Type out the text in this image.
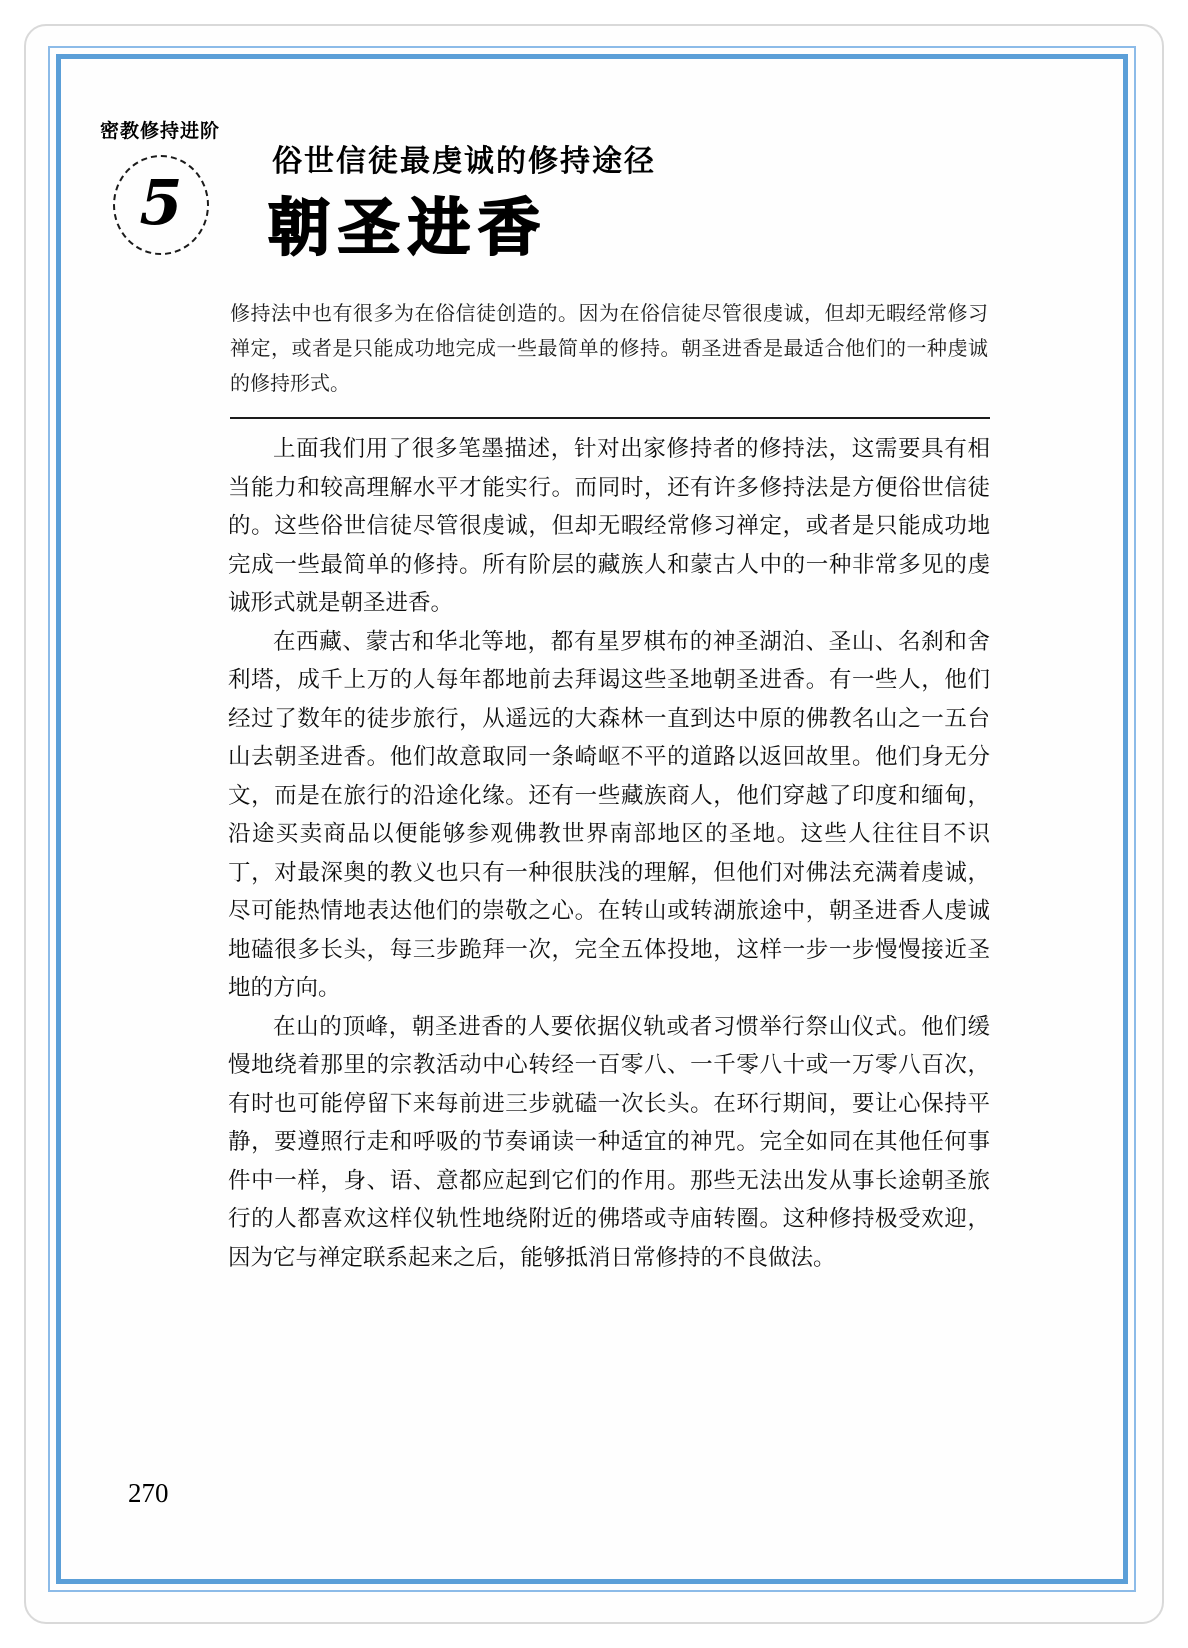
密教修持进阶
5
俗世信徒最虔诚的修持途径
朝圣进香
修持法中也有很多为在俗信徒创造的。因为在俗信徒尽管很虔诚，但却无暇经常修习禅定，或者是只能成功地完成一些最简单的修持。朝圣进香是最适合他们的一种虔诚的修持形式。

上面我们用了很多笔墨描述，针对出家修持者的修持法，这需要具有相当能力和较高理解水平才能实行。而同时，还有许多修持法是方便俗世信徒的。这些俗世信徒尽管很虔诚，但却无暇经常修习禅定，或者是只能成功地完成一些最简单的修持。所有阶层的藏族人和蒙古人中的一种非常多见的虔诚形式就是朝圣进香。

在西藏、蒙古和华北等地，都有星罗棋布的神圣湖泊、圣山、名刹和舍利塔，成千上万的人每年都地前去拜谒这些圣地朝圣进香。有一些人，他们经过了数年的徒步旅行，从遥远的大森林一直到达中原的佛教名山之一五台山去朝圣进香。他们故意取同一条崎岖不平的道路以返回故里。他们身无分文，而是在旅行的沿途化缘。还有一些藏族商人，他们穿越了印度和缅甸，沿途买卖商品以便能够参观佛教世界南部地区的圣地。这些人往往目不识丁，对最深奥的教义也只有一种很肤浅的理解，但他们对佛法充满着虔诚，尽可能热情地表达他们的崇敬之心。在转山或转湖旅途中，朝圣进香人虔诚地磕很多长头，每三步跪拜一次，完全五体投地，这样一步一步慢慢接近圣地的方向。

在山的顶峰，朝圣进香的人要依据仪轨或者习惯举行祭山仪式。他们缓慢地绕着那里的宗教活动中心转经一百零八、一千零八十或一万零八百次，有时也可能停留下来每前进三步就磕一次长头。在环行期间，要让心保持平静，要遵照行走和呼吸的节奏诵读一种适宜的神咒。完全如同在其他任何事件中一样，身、语、意都应起到它们的作用。那些无法出发从事长途朝圣旅行的人都喜欢这样仪轨性地绕附近的佛塔或寺庙转圈。这种修持极受欢迎，因为它与禅定联系起来之后，能够抵消日常修持的不良做法。

270
